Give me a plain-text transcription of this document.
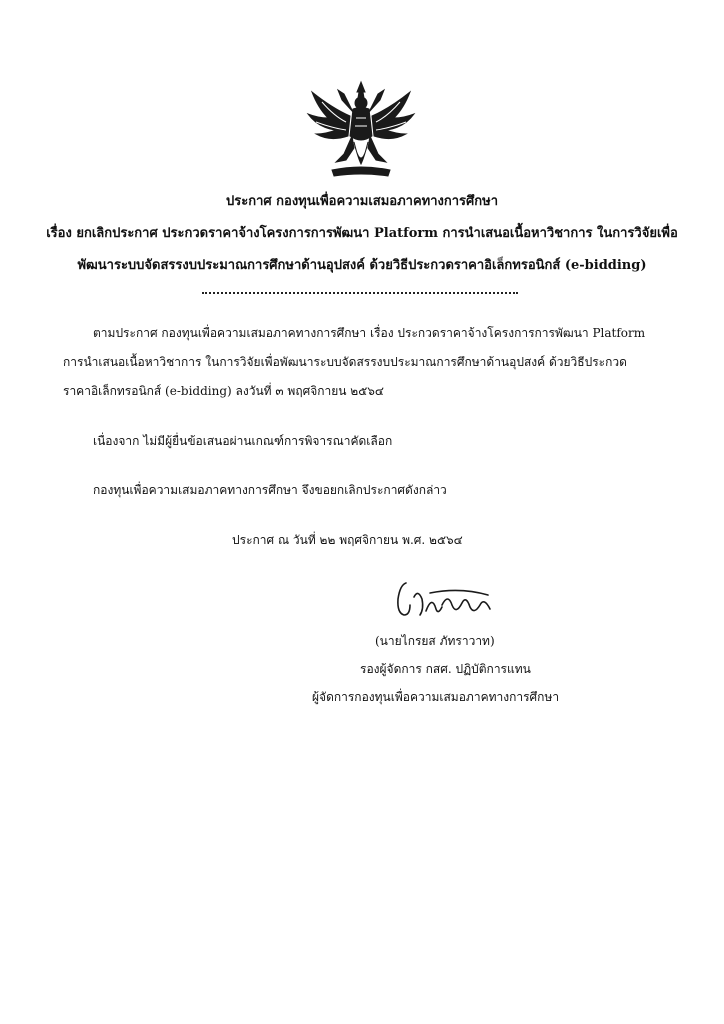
ประกาศ กองทุนเพื่อความเสมอภาคทางการศึกษา
เรื่อง ยกเลิกประกาศ ประกวดราคาจ้างโครงการการพัฒนา Platform การนำเสนอเนื้อหาวิชาการ ในการวิจัยเพื่อ
พัฒนาระบบจัดสรรงบประมาณการศึกษาด้านอุปสงค์ ด้วยวิธีประกวดราคาอิเล็กทรอนิกส์ (e-bidding)
ตามประกาศ กองทุนเพื่อความเสมอภาคทางการศึกษา เรื่อง ประกวดราคาจ้างโครงการการพัฒนา Platform
การนำเสนอเนื้อหาวิชาการ ในการวิจัยเพื่อพัฒนาระบบจัดสรรงบประมาณการศึกษาด้านอุปสงค์ ด้วยวิธีประกวด
ราคาอิเล็กทรอนิกส์ (e-bidding) ลงวันที่ ๓ พฤศจิกายน ๒๕๖๔
เนื่องจาก ไม่มีผู้ยื่นข้อเสนอผ่านเกณฑ์การพิจารณาคัดเลือก
กองทุนเพื่อความเสมอภาคทางการศึกษา จึงขอยกเลิกประกาศดังกล่าว
ประกาศ ณ วันที่ ๒๒ พฤศจิกายน พ.ศ. ๒๕๖๔
(นายไกรยส ภัทราวาท)
รองผู้จัดการ กสศ. ปฏิบัติการแทน
ผู้จัดการกองทุนเพื่อความเสมอภาคทางการศึกษา
